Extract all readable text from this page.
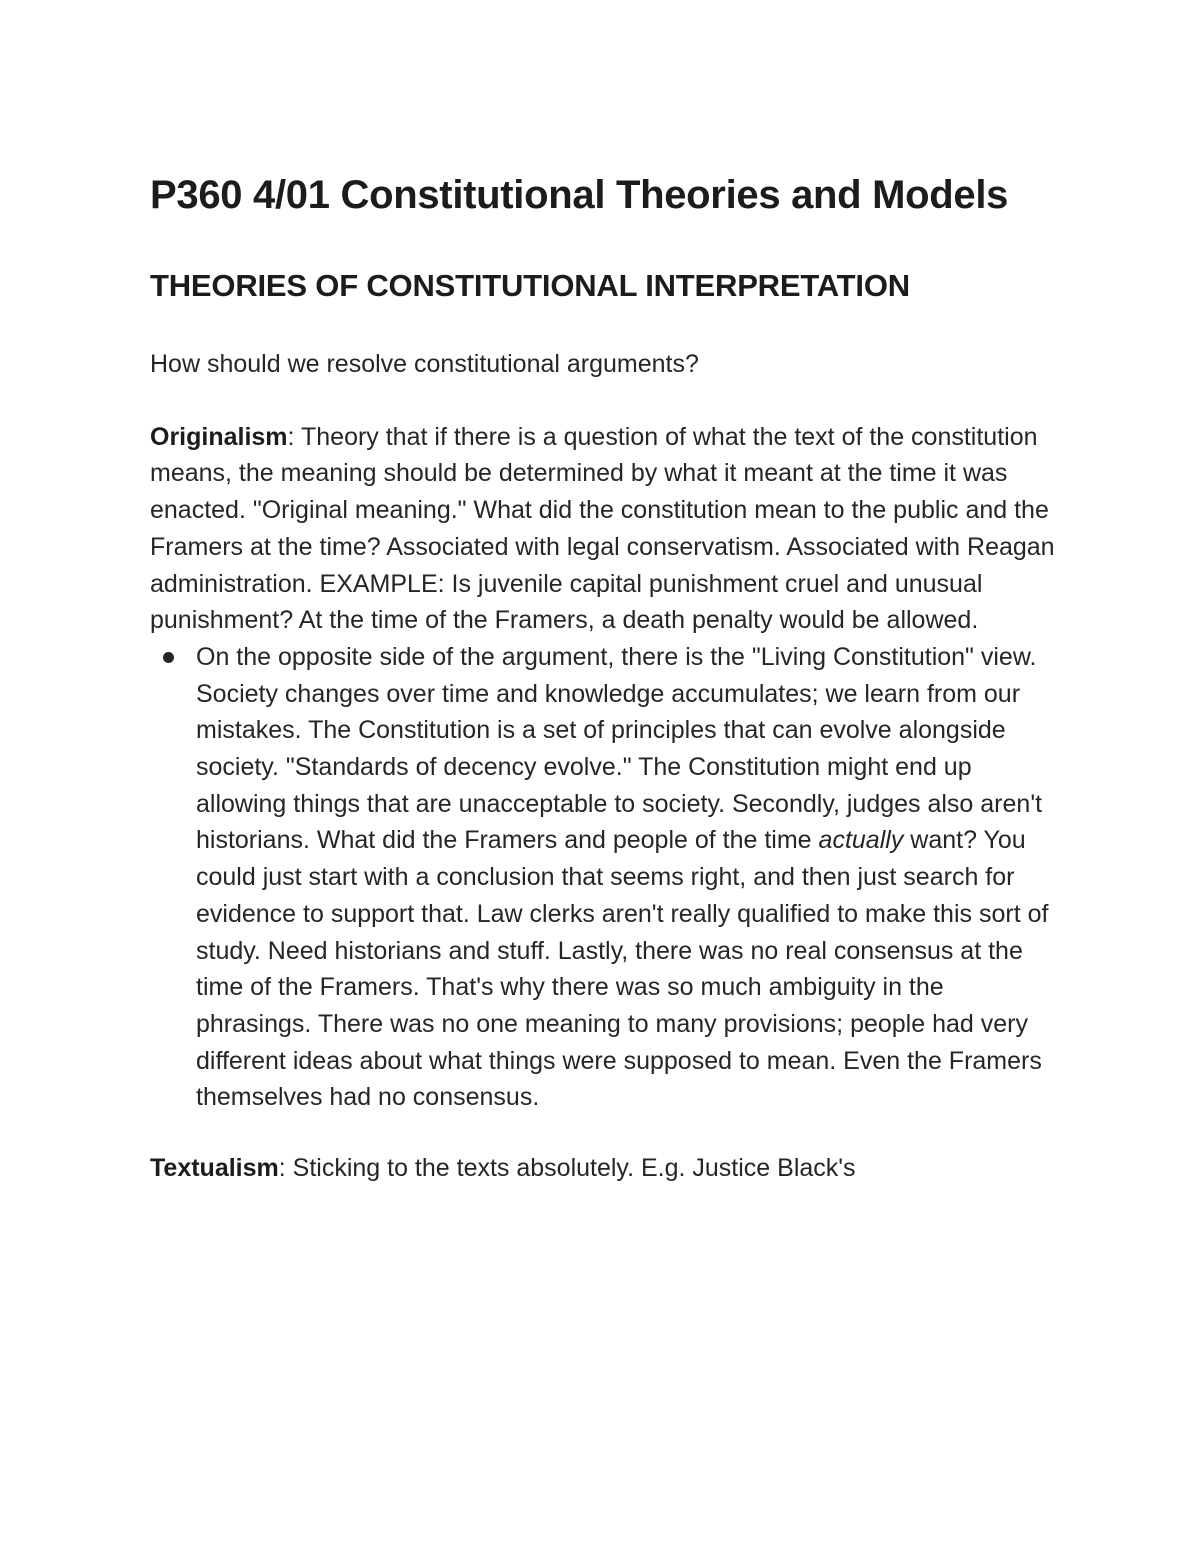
P360 4/01 Constitutional Theories and Models
THEORIES OF CONSTITUTIONAL INTERPRETATION

How should we resolve constitutional arguments?

Originalism: Theory that if there is a question of what the text of the constitution means, the meaning should be determined by what it meant at the time it was enacted. "Original meaning." What did the constitution mean to the public and the Framers at the time? Associated with legal conservatism. Associated with Reagan administration. EXAMPLE: Is juvenile capital punishment cruel and unusual punishment? At the time of the Framers, a death penalty would be allowed.

On the opposite side of the argument, there is the "Living Constitution" view. Society changes over time and knowledge accumulates; we learn from our mistakes. The Constitution is a set of principles that can evolve alongside society. "Standards of decency evolve." The Constitution might end up allowing things that are unacceptable to society. Secondly, judges also aren't historians. What did the Framers and people of the time actually want? You could just start with a conclusion that seems right, and then just search for evidence to support that. Law clerks aren't really qualified to make this sort of study. Need historians and stuff. Lastly, there was no real consensus at the time of the Framers. That's why there was so much ambiguity in the phrasings. There was no one meaning to many provisions; people had very different ideas about what things were supposed to mean. Even the Framers themselves had no consensus.

Textualism: Sticking to the texts absolutely. E.g. Justice Black's
